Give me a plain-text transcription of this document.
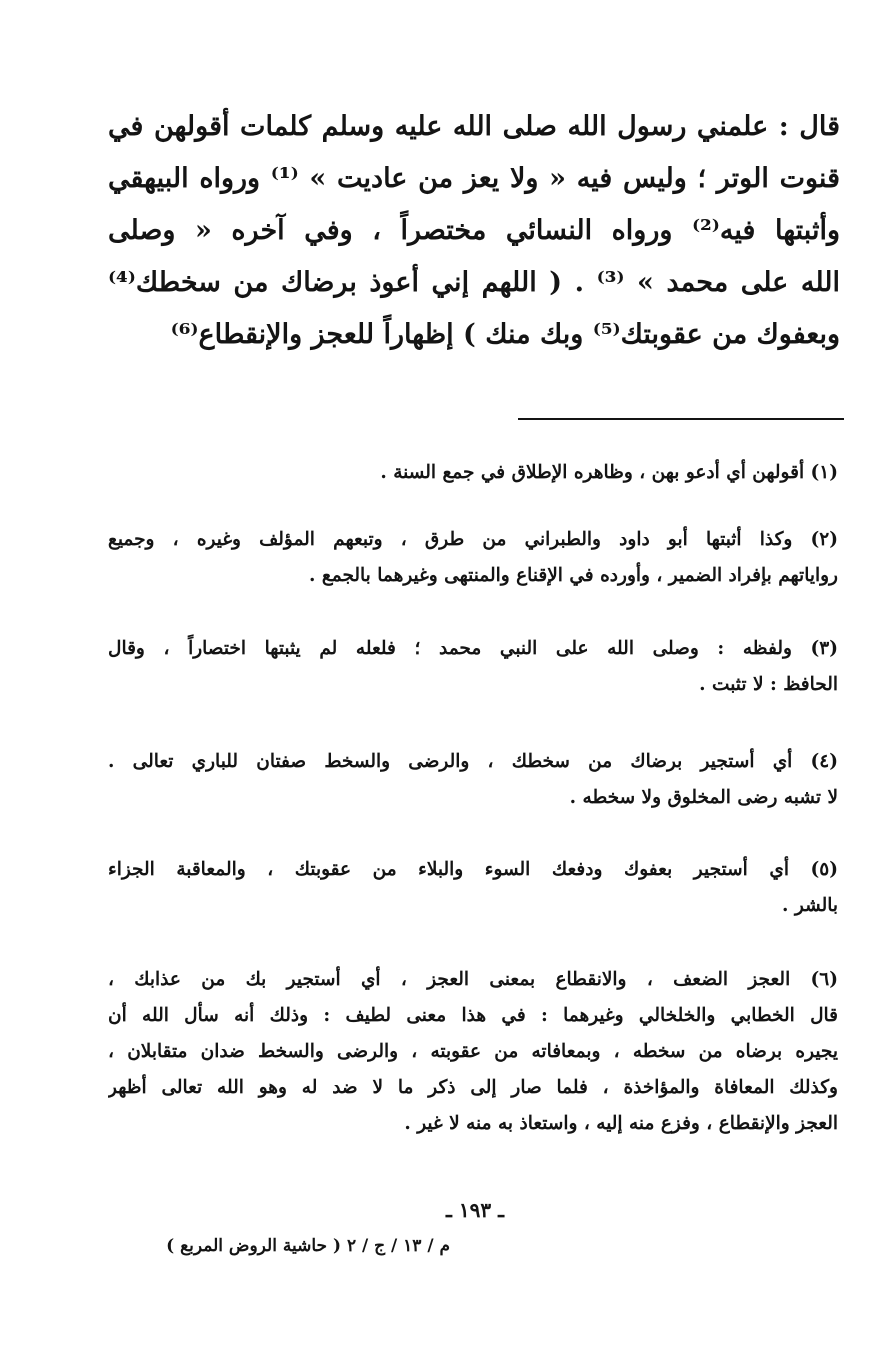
قال : علمني رسول الله صلى الله عليه وسلم كلمات أقولهن في
قنوت الوتر ؛ وليس فيه « ولا يعز من عاديت » ⁽¹⁾ ورواه البيهقي
وأثبتها فيه⁽²⁾ ورواه النسائي مختصراً ، وفي آخره « وصلى
الله على محمد » ⁽³⁾ . ( اللهم إني أعوذ برضاك من سخطك⁽⁴⁾
وبعفوك من عقوبتك⁽⁵⁾ وبك منك ) إظهاراً للعجز والإنقطاع⁽⁶⁾
(١) أقولهن أي أدعو بهن ، وظاهره الإطلاق في جمع السنة .
(٢) وكذا أثبتها أبو داود والطبراني من طرق ، وتبعهم المؤلف وغيره ، وجميع
رواياتهم بإفراد الضمير ، وأورده في الإقناع والمنتهى وغيرهما بالجمع .
(٣) ولفظه : وصلى الله على النبي محمد ؛ فلعله لم يثبتها اختصاراً ، وقال
الحافظ : لا تثبت .
(٤) أي أستجير برضاك من سخطك ، والرضى والسخط صفتان للباري تعالى .
لا تشبه رضى المخلوق ولا سخطه .
(٥) أي أستجير بعفوك ودفعك السوء والبلاء من عقوبتك ، والمعاقبة الجزاء
بالشر .
(٦) العجز الضعف ، والانقطاع بمعنى العجز ، أي أستجير بك من عذابك ،
قال الخطابي والخلخالي وغيرهما : في هذا معنى لطيف : وذلك أنه سأل الله أن
يجيره برضاه من سخطه ، وبمعافاته من عقوبته ، والرضى والسخط ضدان متقابلان ،
وكذلك المعافاة والمؤاخذة ، فلما صار إلى ذكر ما لا ضد له وهو الله تعالى أظهر
العجز والإنقطاع ، وفزع منه إليه ، واستعاذ به منه لا غير .
ـ ١٩٣ ـ
م / ١٣ / ج / ٢ ( حاشية الروض المربع )
